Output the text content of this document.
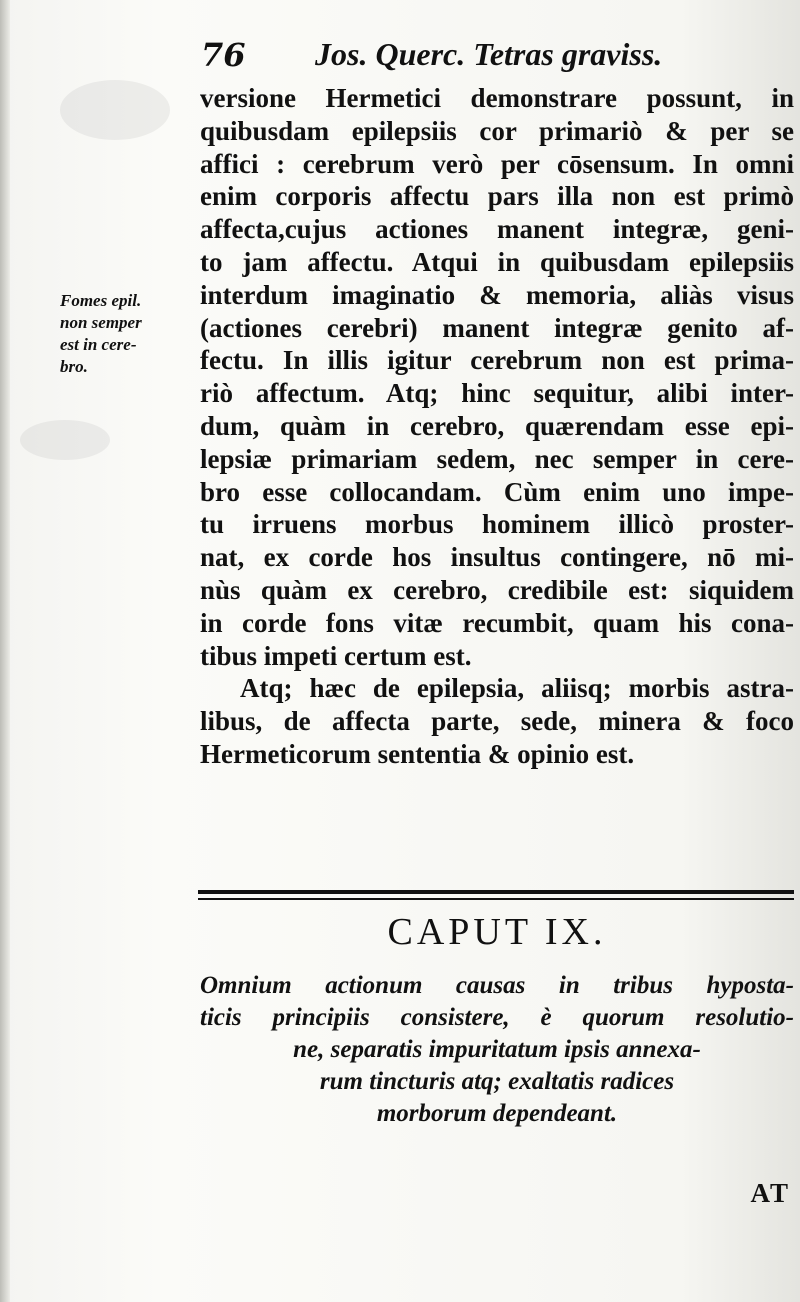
76 Jos. Querc. Tetras graviss.
Fomes epil.
non semper
est in cere-
bro.
versione Hermetici demonstrare possunt, in
quibusdam epilepsiis cor primariò & per se
affici : cerebrum verò per cōsensum. In omni
enim corporis affectu pars illa non est primò
affecta,cujus actiones manent integræ, geni-
to jam affectu. Atqui in quibusdam epilepsiis
interdum imaginatio & memoria, aliàs visus
(actiones cerebri) manent integræ genito af-
fectu. In illis igitur cerebrum non est prima-
riò affectum. Atq; hinc sequitur, alibi inter-
dum, quàm in cerebro, quærendam esse epi-
lepsiæ primariam sedem, nec semper in cere-
bro esse collocandam. Cùm enim uno impe-
tu irruens morbus hominem illicò proster-
nat, ex corde hos insultus contingere, nō mi-
nùs quàm ex cerebro, credibile est: siquidem
in corde fons vitæ recumbit, quam his cona-
tibus impeti certum est.
Atq; hæc de epilepsia, aliisq; morbis astra-
libus, de affecta parte, sede, minera & foco
Hermeticorum sententia & opinio est.
CAPUT IX.
Omnium actionum causas in tribus hyposta-
ticis principiis consistere, è quorum resolutio-
ne, separatis impuritatum ipsis annexa-
rum tincturis atq; exaltatis radices
morborum dependeant.
AT
